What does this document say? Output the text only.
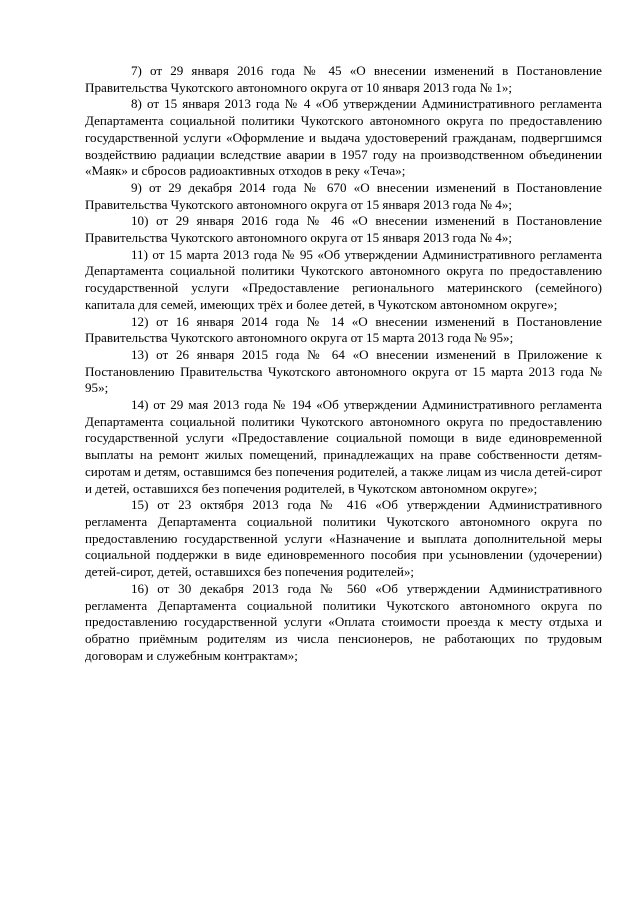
7) от 29 января 2016 года № 45 «О внесении изменений в Постановление Правительства Чукотского автономного округа от 10 января 2013 года № 1»;

8) от 15 января 2013 года № 4 «Об утверждении Административного регламента Департамента социальной политики Чукотского автономного округа по предоставлению государственной услуги «Оформление и выдача удостоверений гражданам, подвергшимся воздействию радиации вследствие аварии в 1957 году на производственном объединении «Маяк» и сбросов радиоактивных отходов в реку «Теча»;

9) от 29 декабря 2014 года № 670 «О внесении изменений в Постановление Правительства Чукотского автономного округа от 15 января 2013 года № 4»;

10) от 29 января 2016 года № 46 «О внесении изменений в Постановление Правительства Чукотского автономного округа от 15 января 2013 года № 4»;

11) от 15 марта 2013 года № 95 «Об утверждении Административного регламента Департамента социальной политики Чукотского автономного округа по предоставлению государственной услуги «Предоставление регионального материнского (семейного) капитала для семей, имеющих трёх и более детей, в Чукотском автономном округе»;

12) от 16 января 2014 года № 14 «О внесении изменений в Постановление Правительства Чукотского автономного округа от 15 марта 2013 года № 95»;

13) от 26 января 2015 года № 64 «О внесении изменений в Приложение к Постановлению Правительства Чукотского автономного округа от 15 марта 2013 года № 95»;

14) от 29 мая 2013 года № 194 «Об утверждении Административного регламента Департамента социальной политики Чукотского автономного округа по предоставлению государственной услуги «Предоставление социальной помощи в виде единовременной выплаты на ремонт жилых помещений, принадлежащих на праве собственности детям-сиротам и детям, оставшимся без попечения родителей, а также лицам из числа детей-сирот и детей, оставшихся без попечения родителей, в Чукотском автономном округе»;

15) от 23 октября 2013 года № 416 «Об утверждении Административного регламента Департамента социальной политики Чукотского автономного округа по предоставлению государственной услуги «Назначение и выплата дополнительной меры социальной поддержки в виде единовременного пособия при усыновлении (удочерении) детей-сирот, детей, оставшихся без попечения родителей»;

16) от 30 декабря 2013 года № 560 «Об утверждении Административного регламента Департамента социальной политики Чукотского автономного округа по предоставлению государственной услуги «Оплата стоимости проезда к месту отдыха и обратно приёмным родителям из числа пенсионеров, не работающих по трудовым договорам и служебным контрактам»;
